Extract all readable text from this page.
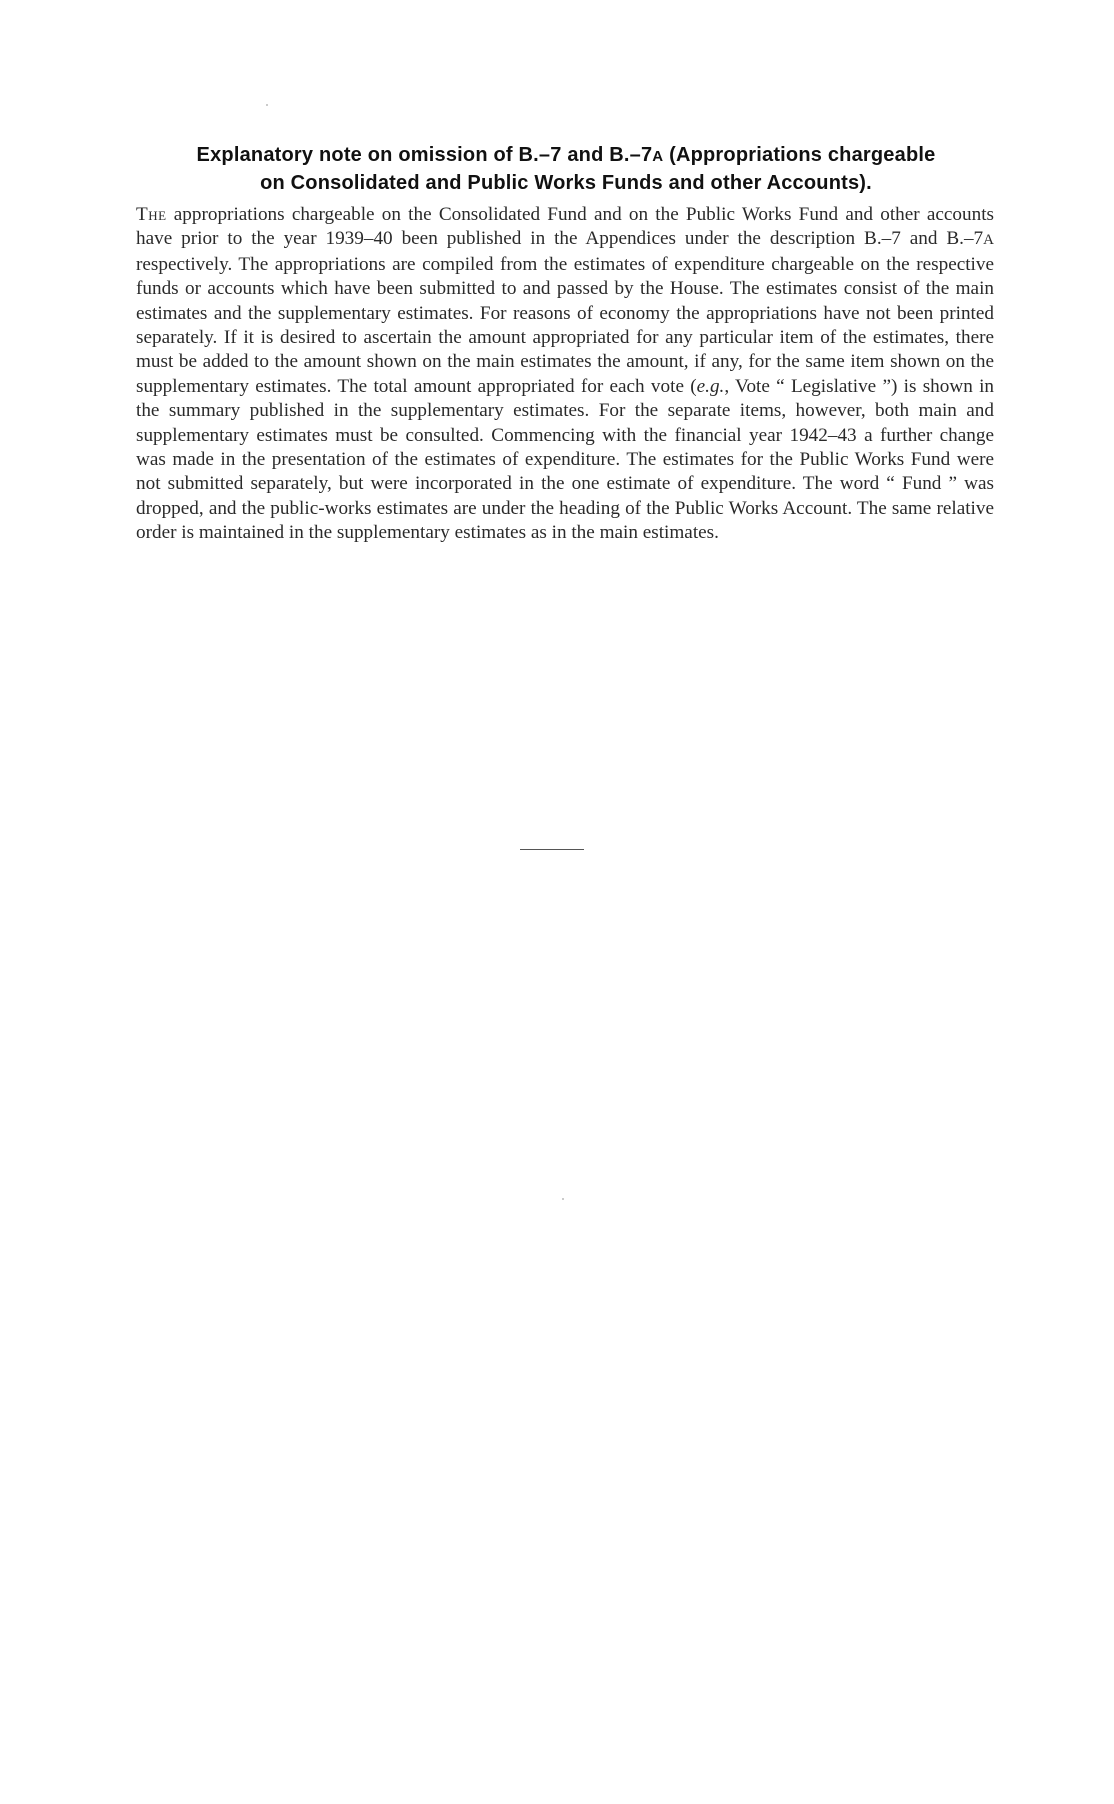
Explanatory note on omission of B.–7 and B.–7A (Appropriations chargeable
on Consolidated and Public Works Funds and other Accounts).

The appropriations chargeable on the Consolidated Fund and on the Public Works Fund and other accounts have prior to the year 1939–40 been published in the Appendices under the description B.–7 and B.–7A respectively. The appropriations are compiled from the estimates of expenditure chargeable on the respective funds or accounts which have been submitted to and passed by the House. The estimates consist of the main estimates and the supplementary estimates. For reasons of economy the appropriations have not been printed separately. If it is desired to ascertain the amount appropriated for any particular item of the estimates, there must be added to the amount shown on the main estimates the amount, if any, for the same item shown on the supplementary estimates. The total amount appropriated for each vote (e.g., Vote “ Legislative ”) is shown in the summary published in the supplementary estimates. For the separate items, however, both main and supplementary estimates must be consulted. Commencing with the financial year 1942–43 a further change was made in the presentation of the estimates of expenditure. The estimates for the Public Works Fund were not submitted separately, but were incorporated in the one estimate of expenditure. The word “ Fund ” was dropped, and the public-works estimates are under the heading of the Public Works Account. The same relative order is maintained in the supplementary estimates as in the main estimates.
